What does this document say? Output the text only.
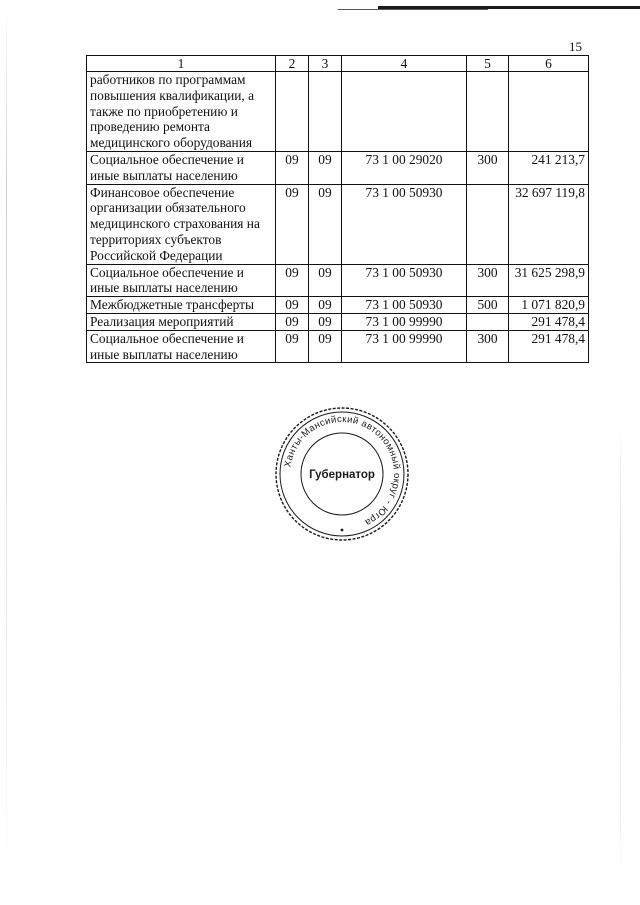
15
1	2	3	4	5	6
работников по программам повышения квалификации, а также по приобретению и проведению ремонта медицинского оборудования					
Социальное обеспечение и иные выплаты населению	09	09	73 1 00 29020	300	241 213,7
Финансовое обеспечение организации обязательного медицинского страхования на территориях субъектов Российской Федерации	09	09	73 1 00 50930		32 697 119,8
Социальное обеспечение и иные выплаты населению	09	09	73 1 00 50930	300	31 625 298,9
Межбюджетные трансферты	09	09	73 1 00 50930	500	1 071 820,9
Реализация мероприятий	09	09	73 1 00 99990		291 478,4
Социальное обеспечение и иные выплаты населению	09	09	73 1 00 99990	300	291 478,4
Ханты-Мансийский автономный округ - Югра
Губернатор
